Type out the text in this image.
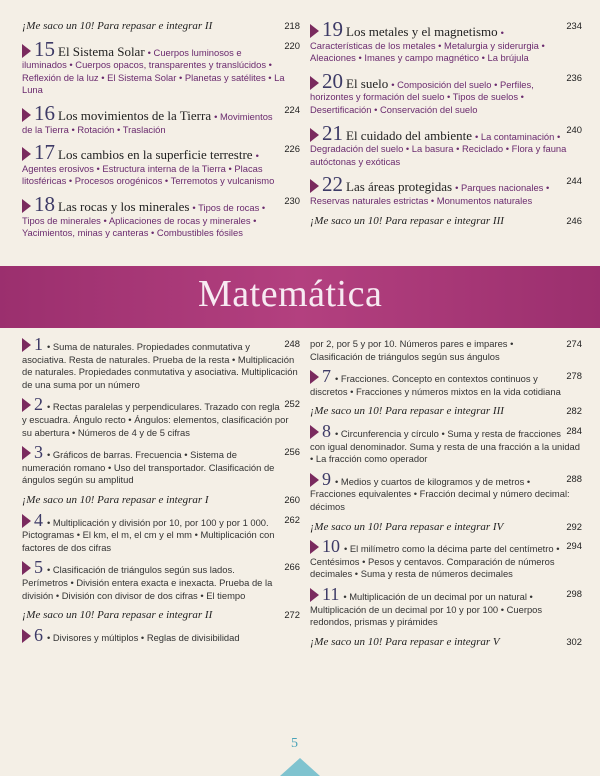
218
¡Me saco un 10! Para repasar e integrar II
220
15 El Sistema Solar • Cuerpos luminosos e iluminados • Cuerpos opacos, transparentes y translúcidos • Reflexión de la luz • El Sistema Solar • Planetas y satélites • La Luna
224
16 Los movimientos de la Tierra • Movimientos de la Tierra • Rotación • Traslación
226
17 Los cambios en la superficie terrestre • Agentes erosivos • Estructura interna de la Tierra • Placas litosféricas • Procesos orogénicos • Terremotos y vulcanismo
230
18 Las rocas y los minerales • Tipos de rocas • Tipos de minerales • Aplicaciones de rocas y minerales • Yacimientos, minas y canteras • Combustibles fósiles
234
19 Los metales y el magnetismo • Características de los metales • Metalurgia y siderurgia • Aleaciones • Imanes y campo magnético • La brújula
236
20 El suelo • Composición del suelo • Perfiles, horizontes y formación del suelo • Tipos de suelos • Desertificación • Conservación del suelo
240
21 El cuidado del ambiente • La contaminación • Degradación del suelo • La basura • Reciclado • Flora y fauna autóctonas y exóticas
244
22 Las áreas protegidas • Parques nacionales • Reservas naturales estrictas • Monumentos naturales
246
¡Me saco un 10! Para repasar e integrar III
Matemática
248
1 • Suma de naturales. Propiedades conmutativa y asociativa. Resta de naturales. Prueba de la resta • Multiplicación de naturales. Propiedades conmutativa y asociativa. Multiplicación de una suma por un número
252
2 • Rectas paralelas y perpendiculares. Trazado con regla y escuadra. Ángulo recto • Ángulos: elementos, clasificación por su abertura • Números de 4 y de 5 cifras
256
3 • Gráficos de barras. Frecuencia • Sistema de numeración romano • Uso del transportador. Clasificación de ángulos según su amplitud
260
¡Me saco un 10! Para repasar e integrar I
262
4 • Multiplicación y división por 10, por 100 y por 1 000. Pictogramas • El km, el m, el cm y el mm • Multiplicación con factores de dos cifras
266
5 • Clasificación de triángulos según sus lados. Perímetros • División entera exacta e inexacta. Prueba de la división • División con divisor de dos cifras • El tiempo
272
¡Me saco un 10! Para repasar e integrar II
6 • Divisores y múltiplos • Reglas de divisibilidad
274
por 2, por 5 y por 10. Números pares e impares • Clasificación de triángulos según sus ángulos
278
7 • Fracciones. Concepto en contextos continuos y discretos • Fracciones y números mixtos en la vida cotidiana
282
¡Me saco un 10! Para repasar e integrar III
284
8 • Circunferencia y círculo • Suma y resta de fracciones con igual denominador. Suma y resta de una fracción a la unidad • La fracción como operador
288
9 • Medios y cuartos de kilogramos y de metros • Fracciones equivalentes • Fracción decimal y número decimal: décimos
292
¡Me saco un 10! Para repasar e integrar IV
294
10 • El milímetro como la décima parte del centímetro • Centésimos • Pesos y centavos. Comparación de números decimales • Suma y resta de números decimales
298
11 • Multiplicación de un decimal por un natural • Multiplicación de un decimal por 10 y por 100 • Cuerpos redondos, prismas y pirámides
302
¡Me saco un 10! Para repasar e integrar V
5
